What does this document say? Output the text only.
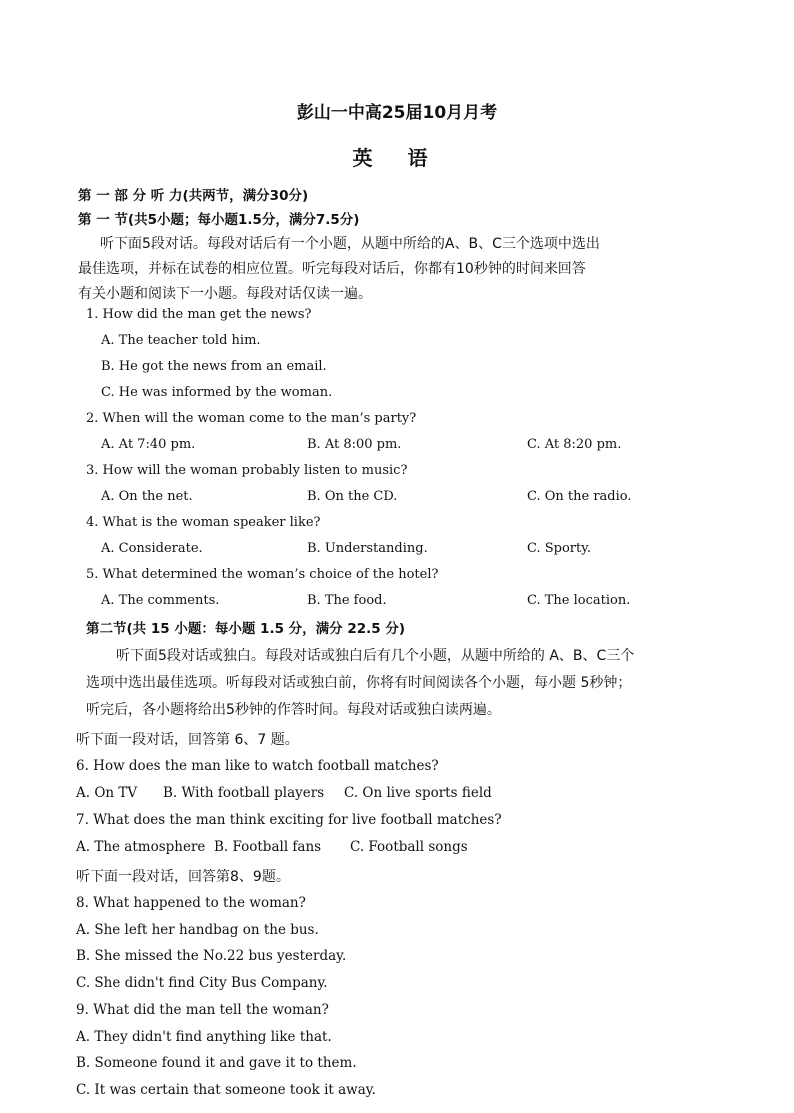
彭山一中高25届10月月考
英 语
第 一 部 分 听 力(共两节，满分30分)
第 一 节(共5小题；每小题1.5分，满分7.5分)
听下面5段对话。每段对话后有一个小题，从题中所给的A、B、C三个选项中选出
最佳选项，并标在试卷的相应位置。听完每段对话后，你都有10秒钟的时间来回答
有关小题和阅读下一小题。每段对话仅读一遍。
1. How did the man get the news?
A. The teacher told him.
B. He got the news from an email.
C. He was informed by the woman.
2. When will the woman come to the man’s party?
A. At 7:40 pm.	B. At 8:00 pm.	C. At 8:20 pm.
3. How will the woman probably listen to music?
A. On the net.	B. On the CD.	C. On the radio.
4. What is the woman speaker like?
A. Considerate.	B. Understanding.	C. Sporty.
5. What determined the woman’s choice of the hotel?
A. The comments.	B. The food.	C. The location.
第二节(共 15 小题：每小题 1.5 分，满分 22.5 分)
听下面5段对话或独白。每段对话或独白后有几个小题，从题中所给的 A、B、C三个
选项中选出最佳选项。听每段对话或独白前，你将有时间阅读各个小题，每小题 5秒钟；
听完后，各小题将给出5秒钟的作答时间。每段对话或独白读两遍。
听下面一段对话，回答第 6、7 题。
6. How does the man like to watch football matches?
A. On TV B. With football players C. On live sports field
7. What does the man think exciting for live football matches?
A. The atmosphere B. Football fans C. Football songs
听下面一段对话，回答第8、9题。
8. What happened to the woman?
A. She left her handbag on the bus.
B. She missed the No.22 bus yesterday.
C. She didn't find City Bus Company.
9. What did the man tell the woman?
A. They didn't find anything like that.
B. Someone found it and gave it to them.
C. It was certain that someone took it away.
